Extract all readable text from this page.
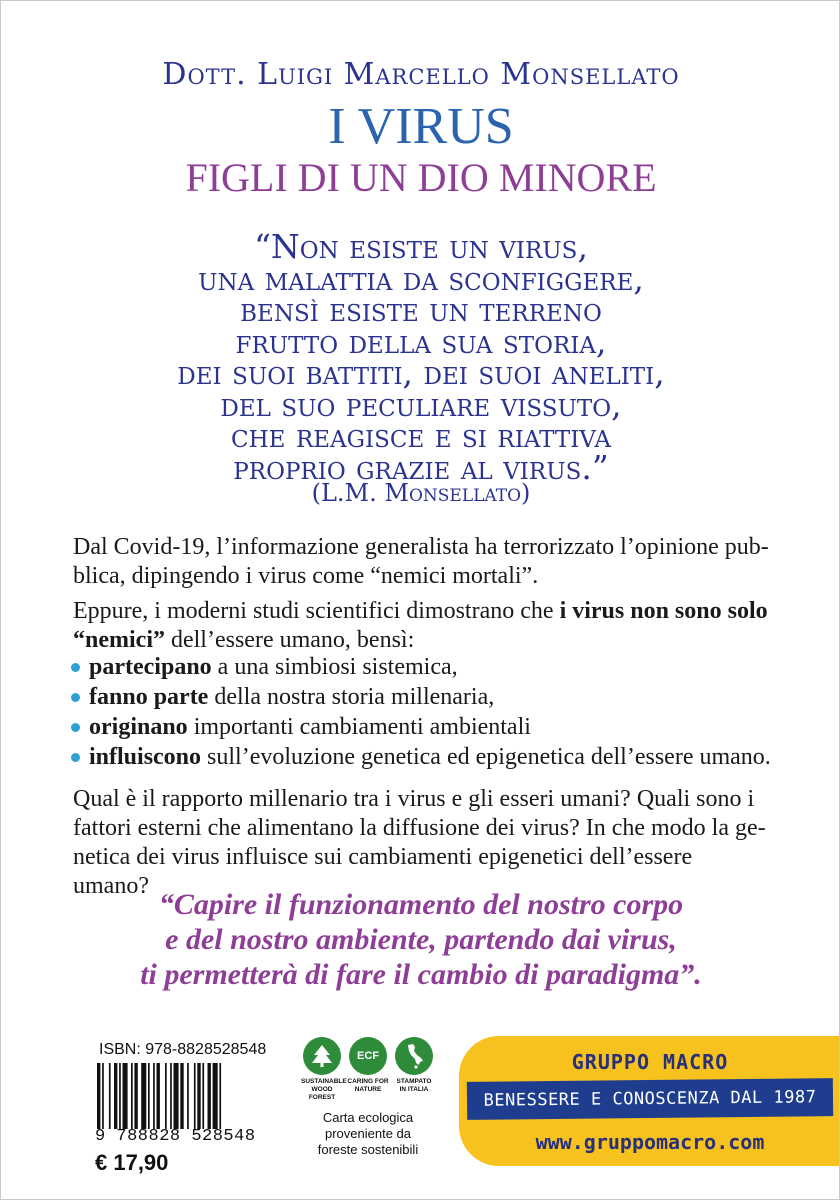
Dott. Luigi Marcello Monsellato
I VIRUS
FIGLI DI UN DIO MINORE
“Non esiste un virus,
una malattia da sconfiggere,
bensì esiste un terreno
frutto della sua storia,
dei suoi battiti, dei suoi aneliti,
del suo peculiare vissuto,
che reagisce e si riattiva
proprio grazie al virus.”
(L.M. Monsellato)
Dal Covid-19, l’informazione generalista ha terrorizzato l’opinione pub-
blica, dipingendo i virus come “nemici mortali”.
Eppure, i moderni studi scientifici dimostrano che i virus non sono solo
“nemici” dell’essere umano, bensì:
partecipano a una simbiosi sistemica,
fanno parte della nostra storia millenaria,
originano importanti cambiamenti ambientali
influiscono sull’evoluzione genetica ed epigenetica dell’essere umano.
Qual è il rapporto millenario tra i virus e gli esseri umani? Quali sono i
fattori esterni che alimentano la diffusione dei virus? In che modo la ge-
netica dei virus influisce sui cambiamenti epigenetici dell’essere umano?
“Capire il funzionamento del nostro corpo
e del nostro ambiente, partendo dai virus,
ti permetterà di fare il cambio di paradigma”.
ISBN: 978-8828528548
9 788828 528548
€ 17,90
SUSTAINABLE
WOOD FOREST
ECF
CARING FOR
NATURE
STAMPATO
IN ITALIA
Carta ecologica
proveniente da
foreste sostenibili
GRUPPO MACRO
BENESSERE E CONOSCENZA DAL 1987
www.gruppomacro.com
